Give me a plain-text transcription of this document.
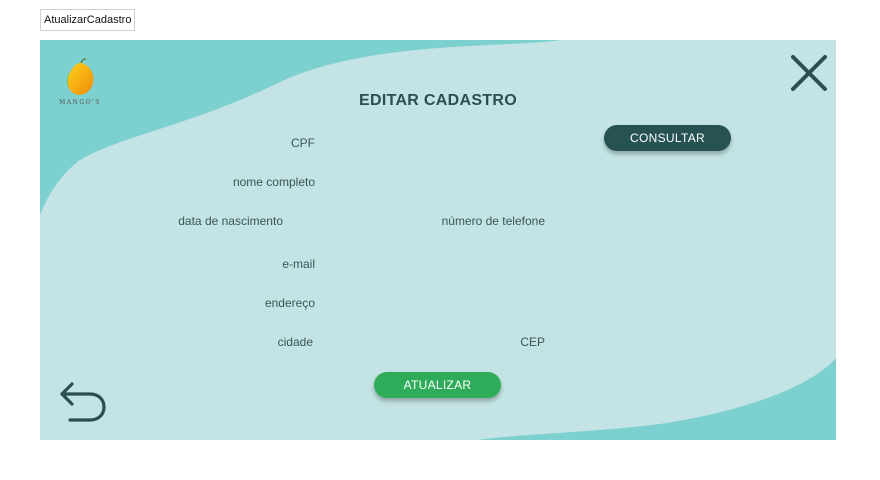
AtualizarCadastro
MANGO'S	EDITAR CADASTRO
CPF	CONSULTAR
nome completo
data de nascimento	número de telefone
e-mail
endereço
cidade	CEP
ATUALIZAR
